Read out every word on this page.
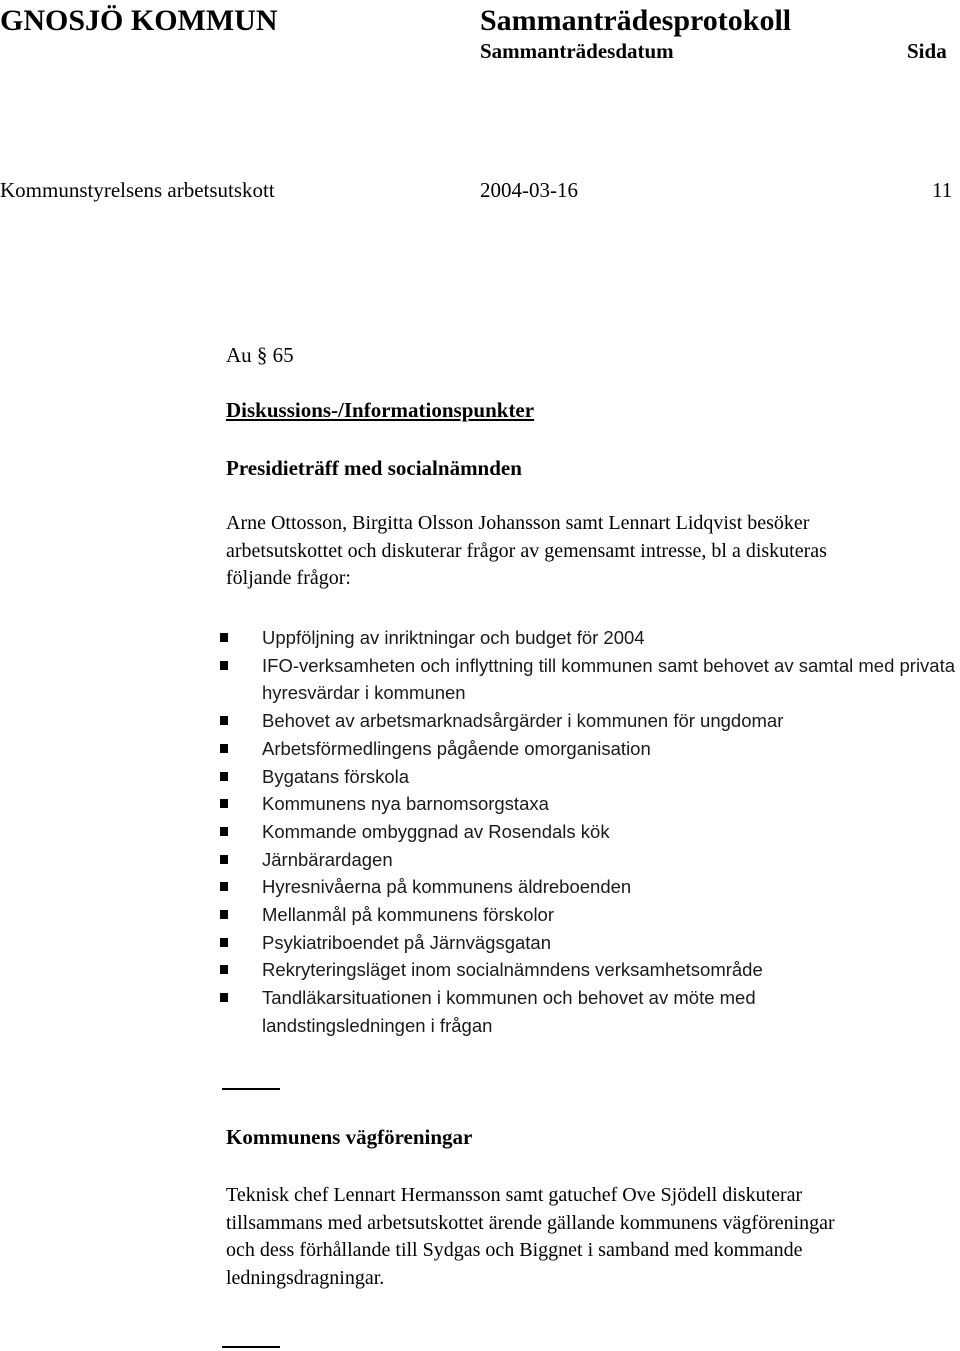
GNOSJÖ KOMMUN	Sammanträdesprotokoll
Sammanträdesdatum	Sida
Kommunstyrelsens arbetsutskott	2004-03-16	11
Au § 65
Diskussions-/Informationspunkter
Presidieträff med socialnämnden
Arne Ottosson, Birgitta Olsson Johansson samt Lennart Lidqvist besöker
arbetsutskottet och diskuterar frågor av gemensamt intresse, bl a diskuteras
följande frågor:
Uppföljning av inriktningar och budget för 2004
IFO-verksamheten och inflyttning till kommunen samt behovet av samtal med privata hyresvärdar i kommunen
Behovet av arbetsmarknadsårgärder i kommunen för ungdomar
Arbetsförmedlingens pågående omorganisation
Bygatans förskola
Kommunens nya barnomsorgstaxa
Kommande ombyggnad av Rosendals kök
Järnbärardagen
Hyresnivåerna på kommunens äldreboenden
Mellanmål på kommunens förskolor
Psykiatriboendet på Järnvägsgatan
Rekryteringsläget inom socialnämndens verksamhetsområde
Tandläkarsituationen i kommunen och behovet av möte med landstingsledningen i frågan
Kommunens vägföreningar
Teknisk chef Lennart Hermansson samt gatuchef Ove Sjödell diskuterar
tillsammans med arbetsutskottet ärende gällande kommunens vägföreningar
och dess förhållande till Sydgas och Biggnet i samband med kommande
ledningsdragningar.
